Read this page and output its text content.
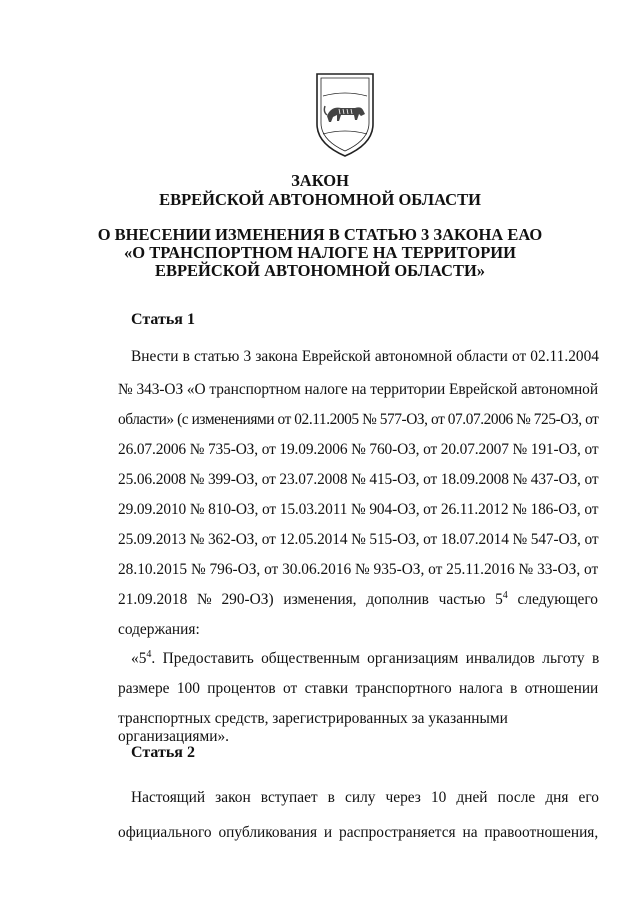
ЗАКОН
ЕВРЕЙСКОЙ АВТОНОМНОЙ ОБЛАСТИ
О ВНЕСЕНИИ ИЗМЕНЕНИЯ В СТАТЬЮ 3 ЗАКОНА ЕАО
«О ТРАНСПОРТНОМ НАЛОГЕ НА ТЕРРИТОРИИ
ЕВРЕЙСКОЙ АВТОНОМНОЙ ОБЛАСТИ»
Статья 1
Внести в статью 3 закона Еврейской автономной области от 02.11.2004
№ 343-ОЗ «О транспортном налоге на территории Еврейской автономной
области» (с изменениями от 02.11.2005 № 577-ОЗ, от 07.07.2006 № 725-ОЗ, от
26.07.2006 № 735-ОЗ, от 19.09.2006 № 760-ОЗ, от 20.07.2007 № 191-ОЗ, от
25.06.2008 № 399-ОЗ, от 23.07.2008 № 415-ОЗ, от 18.09.2008 № 437-ОЗ, от
29.09.2010 № 810-ОЗ, от 15.03.2011 № 904-ОЗ, от 26.11.2012 № 186-ОЗ, от
25.09.2013 № 362-ОЗ, от 12.05.2014 № 515-ОЗ, от 18.07.2014 № 547-ОЗ, от
28.10.2015 № 796-ОЗ, от 30.06.2016 № 935-ОЗ, от 25.11.2016 № 33-ОЗ, от
21.09.2018 № 290-ОЗ) изменения, дополнив частью $5^4$ следующего
содержания:
«$5^4$. Предоставить общественным организациям инвалидов льготу в
размере 100 процентов от ставки транспортного налога в отношении
транспортных средств, зарегистрированных за указанными организациями».
Статья 2
Настоящий закон вступает в силу через 10 дней после дня его
официального опубликования и распространяется на правоотношения,
